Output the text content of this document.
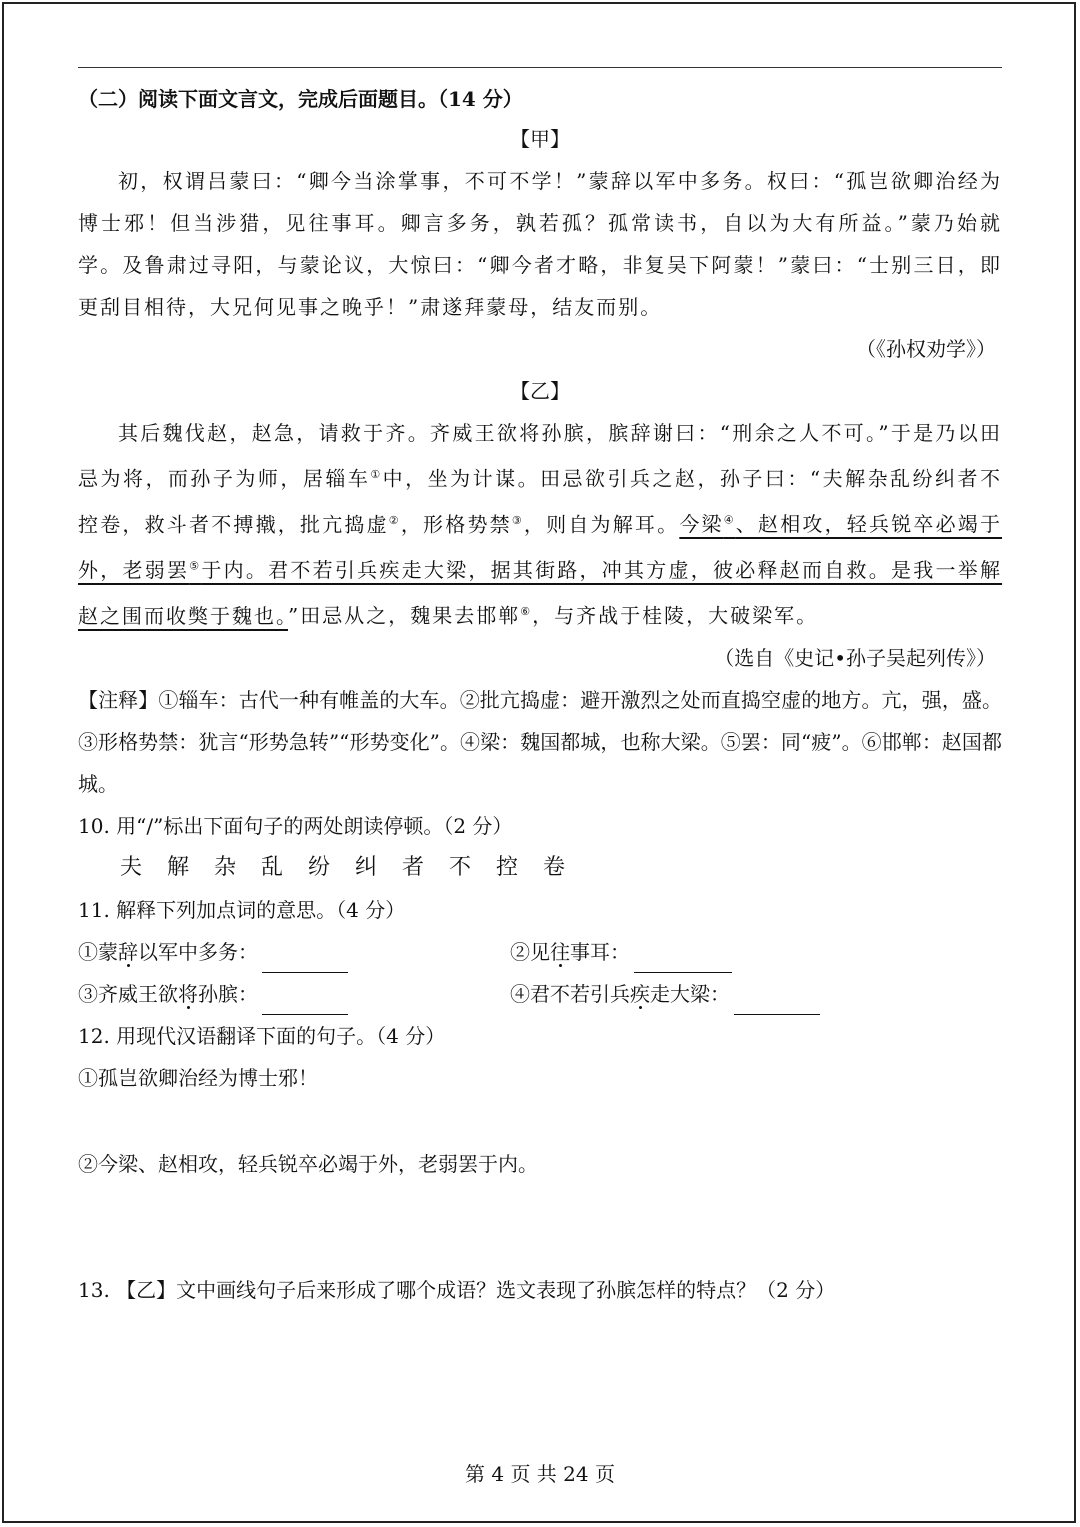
（二）阅读下面文言文，完成后面题目。（14 分）
【甲】
初，权谓吕蒙曰：“卿今当涂掌事，不可不学！”蒙辞以军中多务。权曰：“孤岂欲卿治经为博士邪！但当涉猎，见往事耳。卿言多务，孰若孤？孤常读书，自以为大有所益。”蒙乃始就学。及鲁肃过寻阳，与蒙论议，大惊曰：“卿今者才略，非复吴下阿蒙！”蒙曰：“士别三日，即更刮目相待，大兄何见事之晚乎！”肃遂拜蒙母，结友而别。
（《孙权劝学》）
【乙】
其后魏伐赵，赵急，请救于齐。齐威王欲将孙膑，膑辞谢曰：“刑余之人不可。”于是乃以田忌为将，而孙子为师，居辎车①中，坐为计谋。田忌欲引兵之赵，孙子曰：“夫解杂乱纷纠者不控卷，救斗者不搏撠，批亢捣虚②，形格势禁③，则自为解耳。今梁④、赵相攻，轻兵锐卒必竭于外，老弱罢⑤于内。君不若引兵疾走大梁，据其街路，冲其方虚，彼必释赵而自救。是我一举解赵之围而收獘于魏也。”田忌从之，魏果去邯郸⑥，与齐战于桂陵，大破梁军。
（选自《史记•孙子吴起列传》）
【注释】①辎车：古代一种有帷盖的大车。②批亢捣虚：避开激烈之处而直捣空虚的地方。亢，强，盛。③形格势禁：犹言“形势急转”“形势变化”。④梁：魏国都城，也称大梁。⑤罢：同“疲”。⑥邯郸：赵国都城。
10. 用“/”标出下面句子的两处朗读停顿。（2 分）
夫 解 杂 乱 纷 纠 者 不 控 卷
11. 解释下列加点词的意思。（4 分）
①蒙辞以军中多务：	②见往事耳：
③齐威王欲将孙膑：	④君不若引兵疾走大梁：
12. 用现代汉语翻译下面的句子。（4 分）
①孤岂欲卿治经为博士邪！
②今梁、赵相攻，轻兵锐卒必竭于外，老弱罢于内。
13. 【乙】文中画线句子后来形成了哪个成语？选文表现了孙膑怎样的特点？（2 分）
第 4 页 共 24 页
